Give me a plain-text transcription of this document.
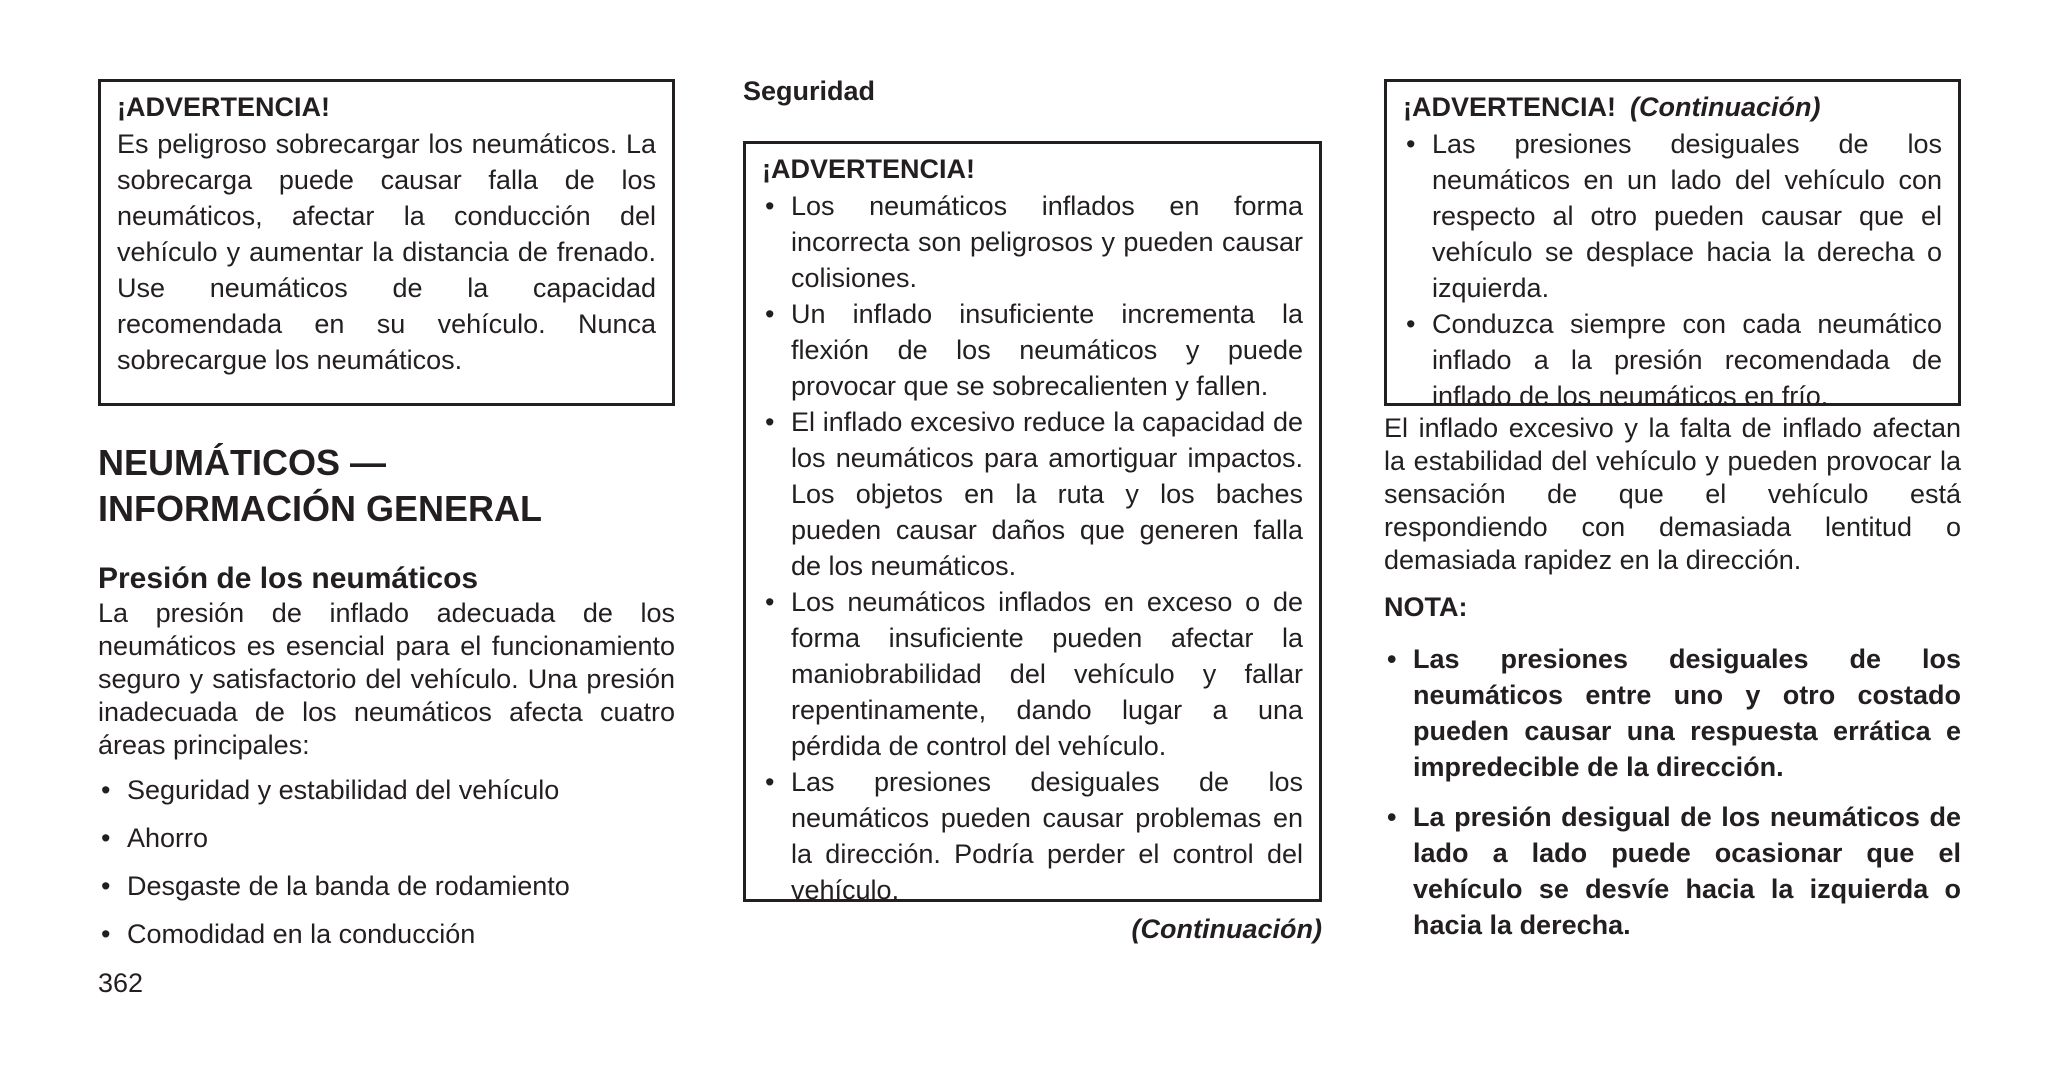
¡ADVERTENCIA!

Es peligroso sobrecargar los neumáticos. La sobrecarga puede causar falla de los neumáticos, afectar la conducción del vehículo y aumentar la distancia de frenado. Use neumáticos de la capacidad recomendada en su vehículo. Nunca sobrecargue los neumáticos.

NEUMÁTICOS —
INFORMACIÓN GENERAL
Presión de los neumáticos

La presión de inflado adecuada de los neumáticos es esencial para el funcionamiento seguro y satisfactorio del vehículo. Una presión inadecuada de los neumáticos afecta cuatro áreas principales:

• Seguridad y estabilidad del vehículo
• Ahorro
• Desgaste de la banda de rodamiento
• Comodidad en la conducción
362
Seguridad
¡ADVERTENCIA!
• Los neumáticos inflados en forma incorrecta son peligrosos y pueden causar colisiones.
• Un inflado insuficiente incrementa la flexión de los neumáticos y puede provocar que se sobrecalienten y fallen.
• El inflado excesivo reduce la capacidad de los neumáticos para amortiguar impactos. Los objetos en la ruta y los baches pueden causar daños que generen falla de los neumáticos.
• Los neumáticos inflados en exceso o de forma insuficiente pueden afectar la maniobrabilidad del vehículo y fallar repentinamente, dando lugar a una pérdida de control del vehículo.
• Las presiones desiguales de los neumáticos pueden causar problemas en la dirección. Podría perder el control del vehículo.
(Continuación)
¡ADVERTENCIA! (Continuación)
• Las presiones desiguales de los neumáticos en un lado del vehículo con respecto al otro pueden causar que el vehículo se desplace hacia la derecha o izquierda.
• Conduzca siempre con cada neumático inflado a la presión recomendada de inflado de los neumáticos en frío.

El inflado excesivo y la falta de inflado afectan la estabilidad del vehículo y pueden provocar la sensación de que el vehículo está respondiendo con demasiada lentitud o demasiada rapidez en la dirección.

NOTA:
• Las presiones desiguales de los neumáticos entre uno y otro costado pueden causar una respuesta errática e impredecible de la dirección.
• La presión desigual de los neumáticos de lado a lado puede ocasionar que el vehículo se desvíe hacia la izquierda o hacia la derecha.
